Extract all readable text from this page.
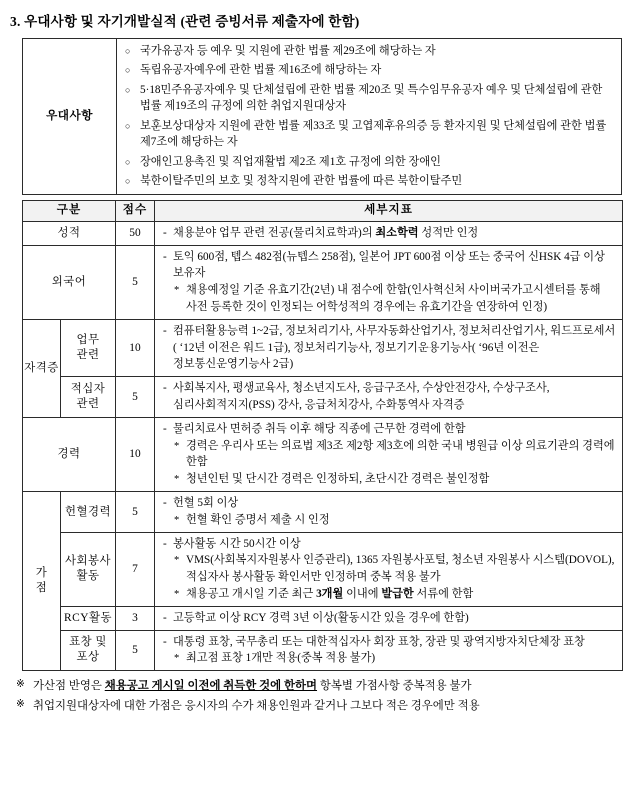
3. 우대사항 및 자기개발실적 (관련 증빙서류 제출자에 한함)
우대사항	
○ 국가유공자 등 예우 및 지원에 관한 법률 제29조에 해당하는 자
○ 독립유공자예우에 관한 법률 제16조에 해당하는 자
○ 5·18민주유공자예우 및 단체설립에 관한 법률 제20조 및 특수임무유공자 예우 및 단체설립에 관한 법률 제19조의 규정에 의한 취업지원대상자
○ 보훈보상대상자 지원에 관한 법률 제33조 및 고엽제후유의증 등 환자지원 및 단체설립에 관한 법률 제7조에 해당하는 자
○ 장애인고용촉진 및 직업재활법 제2조 제1호 규정에 의한 장애인
○ 북한이탈주민의 보호 및 정착지원에 관한 법률에 따른 북한이탈주민
구분		점수	세부지표
성적	50	
-채용분야 업무 관련 전공(물리치료학과)의 최소학력 성적만 인정

외국어	5	
- 토익 600점, 텝스 482점(뉴텝스 258점), 일본어 JPT 600점 이상 또는 중국어 신HSK 4급 이상 보유자
* 채용예정일 기준 유효기간(2년) 내 점수에 한함(인사혁신처 사이버국가고시센터를 통해 사전 등록한 것이 인정되는 어학성적의 경우에는 유효기간을 연장하여 인정)

자격증	
업무
관련
	10	
- 컴퓨터활용능력 1~2급, 정보처리기사, 사무자동화산업기사, 정보처리산업기사, 워드프로세서( ‘12년 이전은 워드 1급), 정보처리기능사, 정보기기운용기능사( ‘96년 이전은 정보통신운영기능사 2급)

적십자
관련
	5	
- 사회복지사, 평생교육사, 청소년지도사, 응급구조사, 수상안전강사, 수상구조사, 심리사회적지지(PSS) 강사, 응급처치강사, 수화통역사 자격증

경력	10	
- 물리치료사 면허증 취득 이후 해당 직종에 근무한 경력에 한함
* 경력은 우리사 또는 의료법 제3조 제2항 제3호에 의한 국내 병원급 이상 의료기관의 경력에 한함
* 청년인턴 및 단시간 경력은 인정하되, 초단시간 경력은 불인정함

가
점
	헌혈경력	5	
- 헌혈 5회 이상
* 헌혈 확인 증명서 제출 시 인정

사회봉사
활동
	7	
- 봉사활동 시간 50시간 이상
* VMS(사회복지자원봉사 인증관리), 1365 자원봉사포털, 청소년 자원봉사 시스템(DOVOL), 적십자사 봉사활동 확인서만 인정하며 중복 적용 불가
* 채용공고 개시일 기준 최근 3개월 이내에 발급한 서류에 한함

RCY활동	3	
-고등학교 이상 RCY 경력 3년 이상(활동시간 있을 경우에 한함)

표창 및
포상
	5	
- 대통령 표창, 국무총리 또는 대한적십자사 회장 표창, 장관 및 광역지방자치단체장 표창
* 최고점 표창 1개만 적용(중복 적용 불가)
※ 가산점 반영은 채용공고 게시일 이전에 취득한 것에 한하며 항복별 가점사항 중복적용 불가
※ 취업지원대상자에 대한 가점은 응시자의 수가 채용인원과 같거나 그보다 적은 경우에만 적용
